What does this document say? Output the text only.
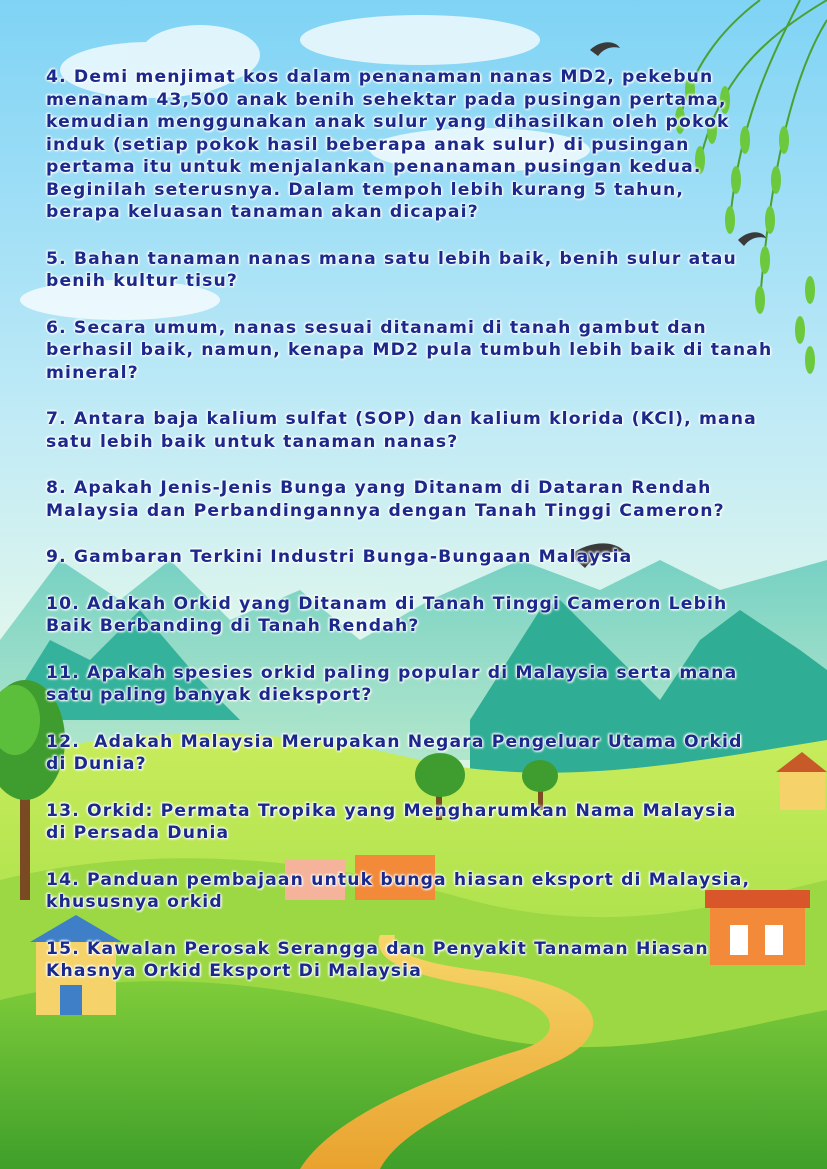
4. Demi menjimat kos dalam penanaman nanas MD2, pekebun
menanam 43,500 anak benih sehektar pada pusingan pertama,
kemudian menggunakan anak sulur yang dihasilkan oleh pokok
induk (setiap pokok hasil beberapa anak sulur) di pusingan
pertama itu untuk menjalankan penanaman pusingan kedua.
Beginilah seterusnya. Dalam tempoh lebih kurang 5 tahun,
berapa keluasan tanaman akan dicapai?

5. Bahan tanaman nanas mana satu lebih baik, benih sulur atau
benih kultur tisu?

6. Secara umum, nanas sesuai ditanami di tanah gambut dan
berhasil baik, namun, kenapa MD2 pula tumbuh lebih baik di tanah
mineral?

7. Antara baja kalium sulfat (SOP) dan kalium klorida (KCl), mana
satu lebih baik untuk tanaman nanas?

8. Apakah Jenis-Jenis Bunga yang Ditanam di Dataran Rendah
Malaysia dan Perbandingannya dengan Tanah Tinggi Cameron?

9. Gambaran Terkini Industri Bunga-Bungaan Malaysia

10. Adakah Orkid yang Ditanam di Tanah Tinggi Cameron Lebih
Baik Berbanding di Tanah Rendah?

11. Apakah spesies orkid paling popular di Malaysia serta mana
satu paling banyak dieksport?

12.  Adakah Malaysia Merupakan Negara Pengeluar Utama Orkid
di Dunia?

13. Orkid: Permata Tropika yang Mengharumkan Nama Malaysia
di Persada Dunia

14. Panduan pembajaan untuk bunga hiasan eksport di Malaysia,
khususnya orkid

15. Kawalan Perosak Serangga dan Penyakit Tanaman Hiasan
Khasnya Orkid Eksport Di Malaysia
